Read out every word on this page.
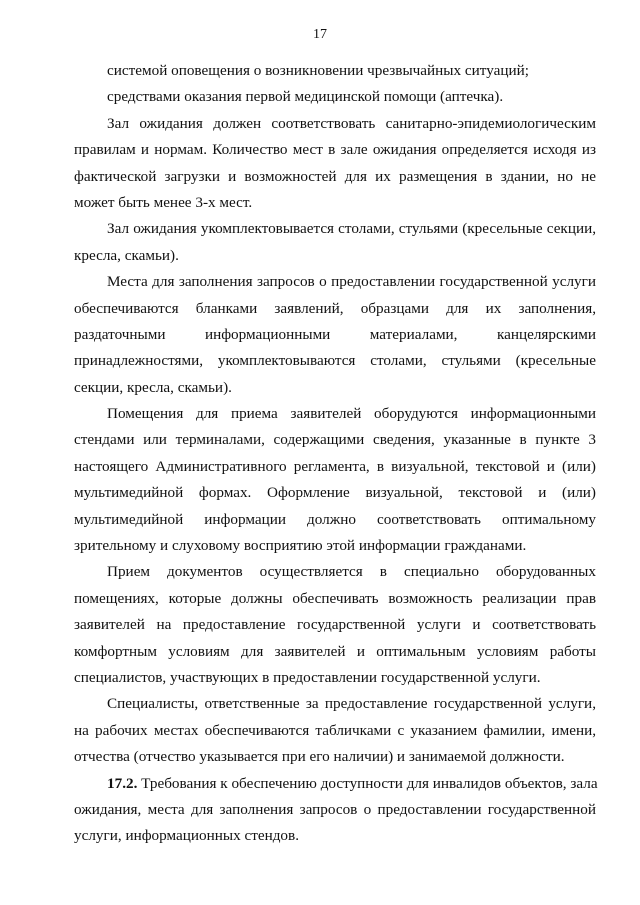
17
системой оповещения о возникновении чрезвычайных ситуаций;
средствами оказания первой медицинской помощи (аптечка).
Зал ожидания должен соответствовать санитарно-эпидемиологическим
правилам и нормам. Количество мест в зале ожидания определяется исходя из
фактической загрузки и возможностей для их размещения в здании, но не
может быть менее 3-х мест.
Зал ожидания укомплектовывается столами, стульями (кресельные секции,
кресла, скамьи).
Места для заполнения запросов о предоставлении государственной услуги
обеспечиваются бланками заявлений, образцами для их заполнения,
раздаточными информационными материалами, канцелярскими
принадлежностями, укомплектовываются столами, стульями (кресельные
секции, кресла, скамьи).
Помещения для приема заявителей оборудуются информационными
стендами или терминалами, содержащими сведения, указанные в пункте 3
настоящего Административного регламента, в визуальной, текстовой и (или)
мультимедийной формах. Оформление визуальной, текстовой и (или)
мультимедийной информации должно соответствовать оптимальному
зрительному и слуховому восприятию этой информации гражданами.
Прием документов осуществляется в специально оборудованных
помещениях, которые должны обеспечивать возможность реализации прав
заявителей на предоставление государственной услуги и соответствовать
комфортным условиям для заявителей и оптимальным условиям работы
специалистов, участвующих в предоставлении государственной услуги.
Специалисты, ответственные за предоставление государственной услуги,
на рабочих местах обеспечиваются табличками с указанием фамилии, имени,
отчества (отчество указывается при его наличии) и занимаемой должности.
17.2. Требования к обеспечению доступности для инвалидов объектов, зала
ожидания, места для заполнения запросов о предоставлении государственной
услуги, информационных стендов.
